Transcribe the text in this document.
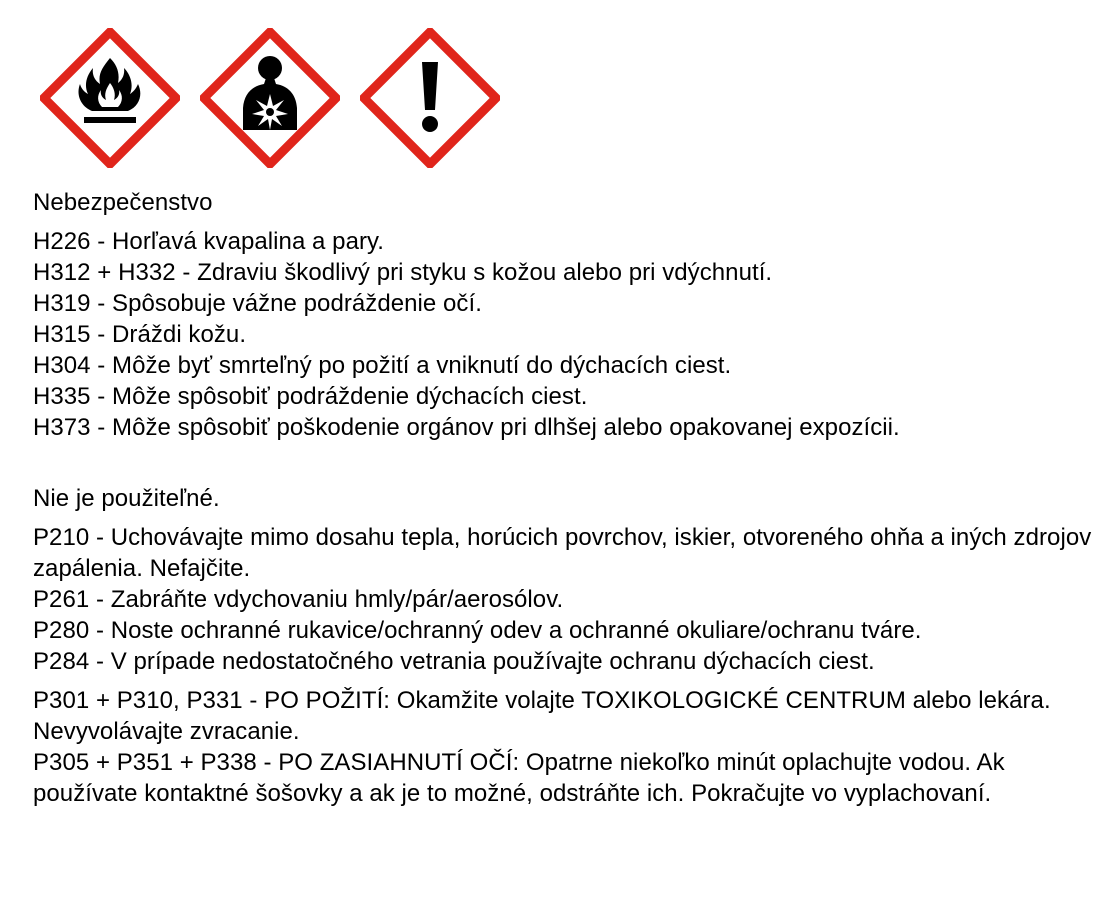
Nebezpečenstvo

H226 - Horľavá kvapalina a pary.

H312 + H332 - Zdraviu škodlivý pri styku s kožou alebo pri vdýchnutí.

H319 - Spôsobuje vážne podráždenie očí.

H315 - Dráždi kožu.

H304 - Môže byť smrteľný po požití a vniknutí do dýchacích ciest.

H335 - Môže spôsobiť podráždenie dýchacích ciest.

H373 - Môže spôsobiť poškodenie orgánov pri dlhšej alebo opakovanej expozícii.

Nie je použiteľné.

P210 - Uchovávajte mimo dosahu tepla, horúcich povrchov, iskier, otvoreného ohňa a iných zdrojov zapálenia. Nefajčite.

P261 - Zabráňte vdychovaniu hmly/pár/aerosólov.

P280 - Noste ochranné rukavice/ochranný odev a ochranné okuliare/ochranu tváre.

P284 - V prípade nedostatočného vetrania používajte ochranu dýchacích ciest.

P301 + P310, P331 - PO POŽITÍ: Okamžite volajte TOXIKOLOGICKÉ CENTRUM alebo lekára. Nevyvolávajte zvracanie.

P305 + P351 + P338 - PO ZASIAHNUTÍ OČÍ: Opatrne niekoľko minút oplachujte vodou. Ak používate kontaktné šošovky a ak je to možné, odstráňte ich. Pokračujte vo vyplachovaní.
